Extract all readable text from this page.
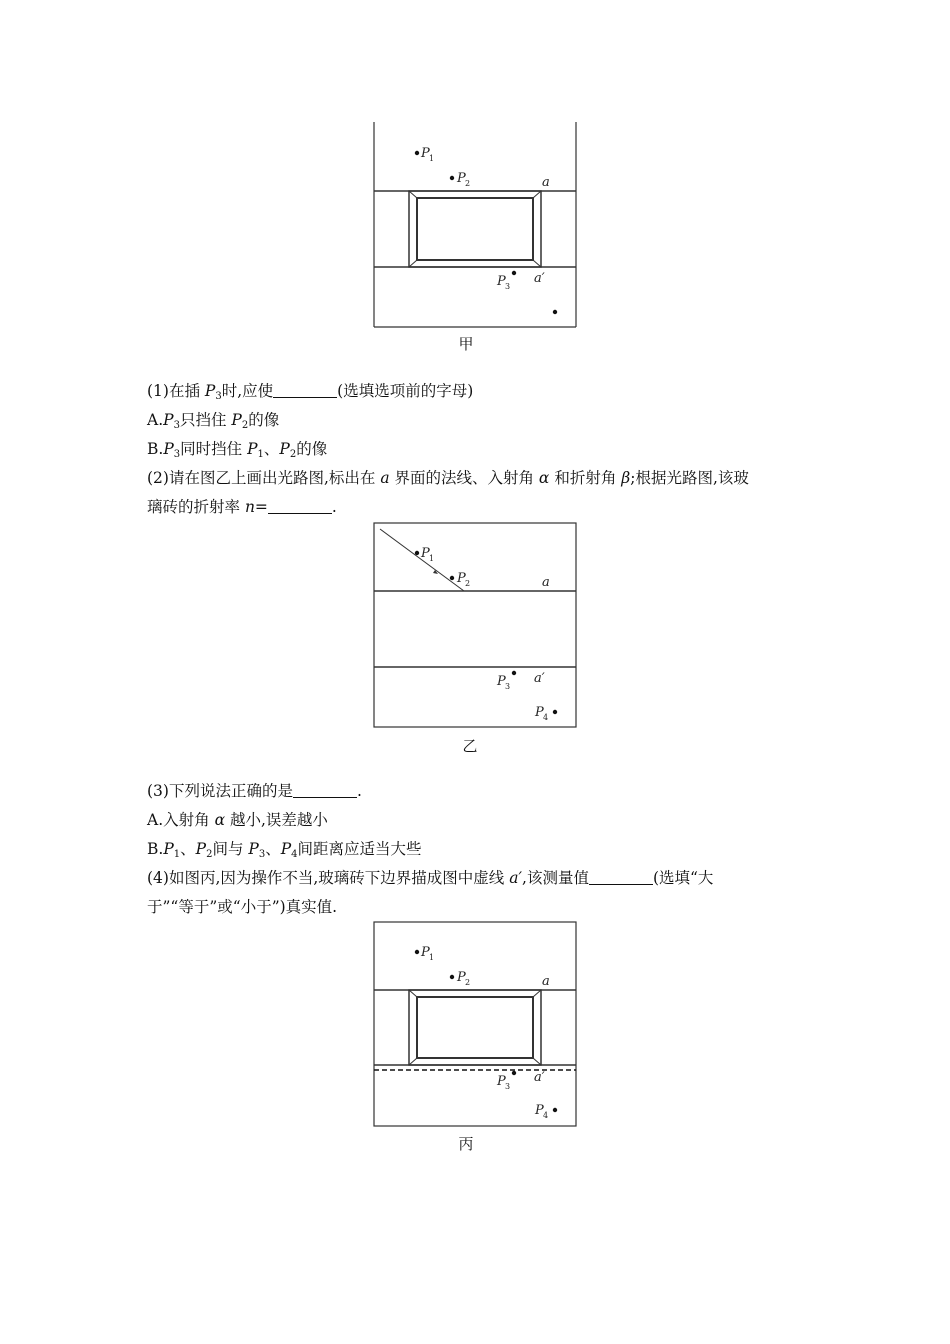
P 1
P 2	a
P 3
a′
甲
(1)在插 $P_3$时,应使	(选填选项前的字母)
$A.P_3$只挡住 $P_2$的像
$B.P_3$同时挡住 $P_1$、$P_2$的像
(2)请在图乙上画出光路图,标出在 a 界面的法线、入射角 α 和折射角 β;根据光路图,该玻
璃砖的折射率 n=	.
P 1
P 2	a
P 3
a′
P 4
乙
(3)下列说法正确的是	.
A.入射角 α 越小,误差越小
$B.P_1$、$P_2$间与 $P_3$、$P_4$间距离应适当大些
(4)如图丙,因为操作不当,玻璃砖下边界描成图中虚线 a′,该测量值	(选填“大
于”“等于”或“小于”)真实值.
P 1
P 2	a
P 3
a′
P 4
丙
